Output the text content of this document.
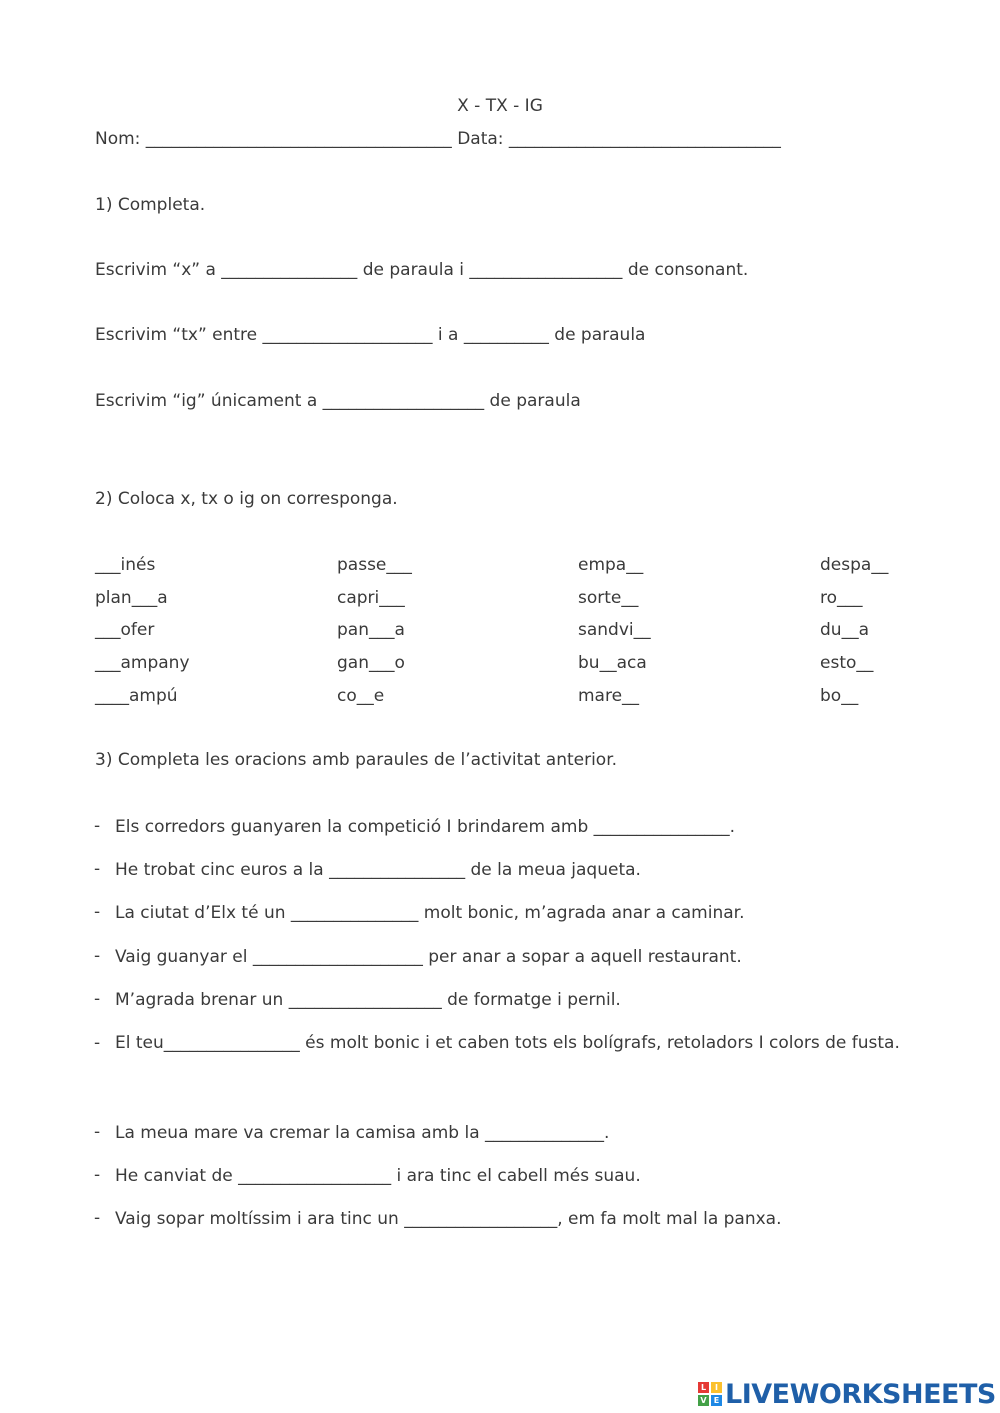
X - TX - IG
Nom: ____________________________________ Data: ________________________________
1) Completa.
Escrivim “x” a ________________ de paraula i __________________ de consonant.
Escrivim “tx” entre ____________________ i a __________ de paraula
Escrivim “ig” únicament a ___________________ de paraula
2) Coloca x, tx o ig on corresponga.
___inés
plan___a
___ofer
___ampany
____ampú
passe___
capri___
pan___a
gan___o
co__e
empa__
sorte__
sandvi__
bu__aca
mare__
despa__
ro___
du__a
esto__
bo__
3) Completa les oracions amb paraules de l’activitat anterior.
- Els corredors guanyaren la competició I brindarem amb ________________.
- He trobat cinc euros a la ________________ de la meua jaqueta.
- La ciutat d’Elx té un _______________ molt bonic, m’agrada anar a caminar.
- Vaig guanyar el ____________________ per anar a sopar a aquell restaurant.
- M’agrada brenar un __________________ de formatge i pernil.
- El teu________________ és molt bonic i et caben tots els bolígrafs, retoladors I colors de fusta.
- La meua mare va cremar la camisa amb la ______________.
- He canviat de __________________ i ara tinc el cabell més suau.
- Vaig sopar moltíssim i ara tinc un __________________, em fa molt mal la panxa.
L	I
V E LIVEWORKSHEETS
